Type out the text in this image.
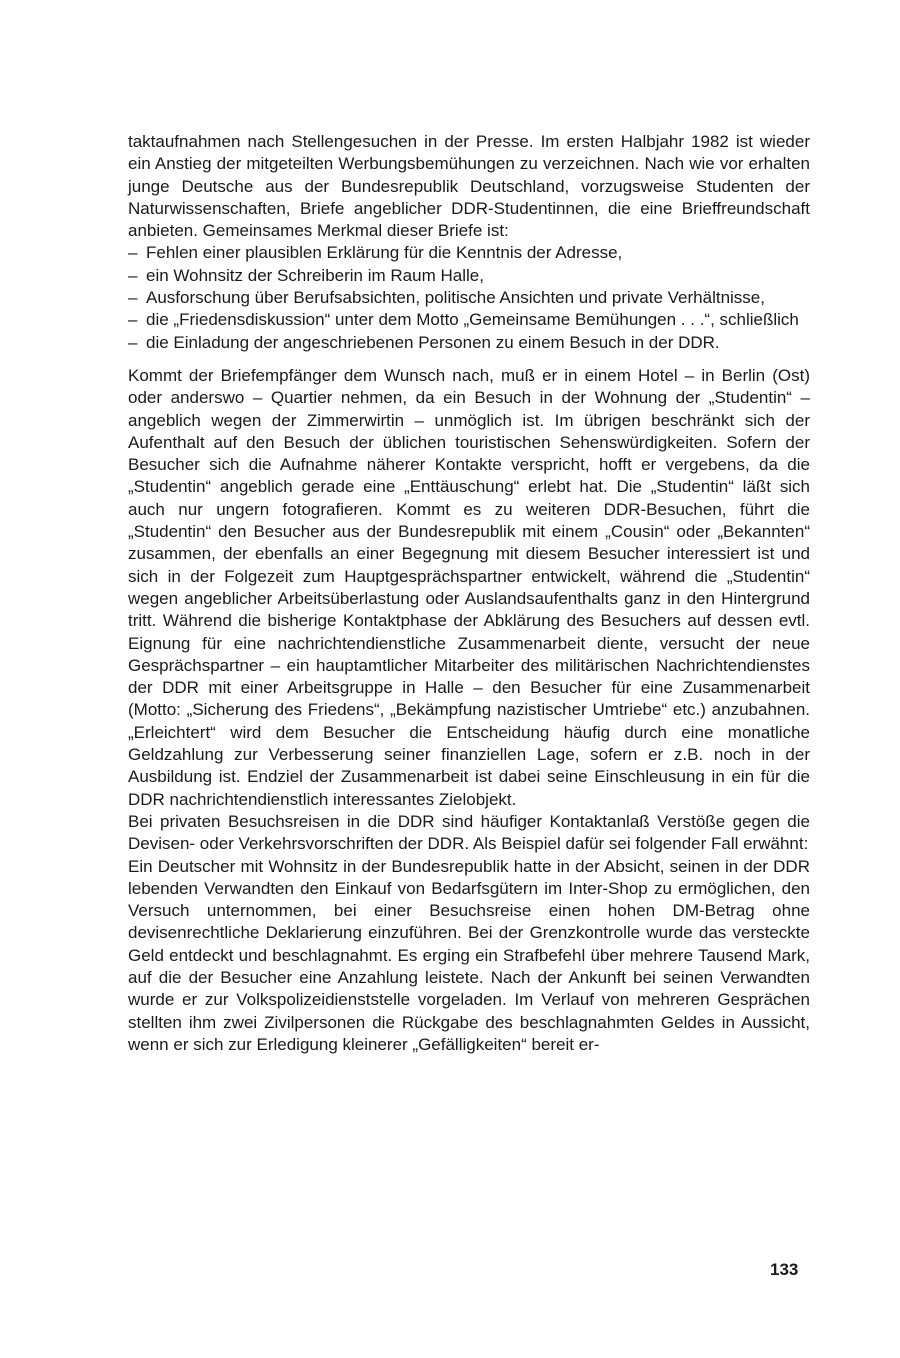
taktaufnahmen nach Stellengesuchen in der Presse. Im ersten Halbjahr 1982 ist wieder ein Anstieg der mitgeteilten Werbungsbemühungen zu verzeichnen. Nach wie vor erhalten junge Deutsche aus der Bundesrepublik Deutschland, vorzugsweise Studenten der Naturwissenschaften, Briefe angeblicher DDR-Studentinnen, die eine Brieffreundschaft anbieten. Gemeinsames Merkmal dieser Briefe ist:

– Fehlen einer plausiblen Erklärung für die Kenntnis der Adresse,
– ein Wohnsitz der Schreiberin im Raum Halle,
– Ausforschung über Berufsabsichten, politische Ansichten und private Verhältnisse,
– die „Friedensdiskussion“ unter dem Motto „Gemeinsame Bemühungen . . .“, schließlich
– die Einladung der angeschriebenen Personen zu einem Besuch in der DDR.

Kommt der Briefempfänger dem Wunsch nach, muß er in einem Hotel – in Berlin (Ost) oder anderswo – Quartier nehmen, da ein Besuch in der Wohnung der „Studentin“ – angeblich wegen der Zimmerwirtin – unmöglich ist. Im übrigen beschränkt sich der Aufenthalt auf den Besuch der üblichen touristischen Sehenswürdigkeiten. Sofern der Besucher sich die Aufnahme näherer Kontakte verspricht, hofft er vergebens, da die „Studentin“ angeblich gerade eine „Enttäuschung“ erlebt hat. Die „Studentin“ läßt sich auch nur ungern fotografieren. Kommt es zu weiteren DDR-Besuchen, führt die „Studentin“ den Besucher aus der Bundesrepublik mit einem „Cousin“ oder „Bekannten“ zusammen, der ebenfalls an einer Begegnung mit diesem Besucher interessiert ist und sich in der Folgezeit zum Hauptgesprächspartner entwickelt, während die „Studentin“ wegen angeblicher Arbeitsüberlastung oder Auslandsaufenthalts ganz in den Hintergrund tritt. Während die bisherige Kontaktphase der Abklärung des Besuchers auf dessen evtl. Eignung für eine nachrichtendienstliche Zusammenarbeit diente, versucht der neue Gesprächspartner – ein hauptamtlicher Mitarbeiter des militärischen Nachrichtendienstes der DDR mit einer Arbeitsgruppe in Halle – den Besucher für eine Zusammenarbeit (Motto: „Sicherung des Friedens“, „Bekämpfung nazistischer Umtriebe“ etc.) anzubahnen. „Erleichtert“ wird dem Besucher die Entscheidung häufig durch eine monatliche Geldzahlung zur Verbesserung seiner finanziellen Lage, sofern er z.B. noch in der Ausbildung ist. Endziel der Zusammenarbeit ist dabei seine Einschleusung in ein für die DDR nachrichtendienstlich interessantes Zielobjekt.

Bei privaten Besuchsreisen in die DDR sind häufiger Kontaktanlaß Verstöße gegen die Devisen- oder Verkehrsvorschriften der DDR. Als Beispiel dafür sei folgender Fall erwähnt:

Ein Deutscher mit Wohnsitz in der Bundesrepublik hatte in der Absicht, seinen in der DDR lebenden Verwandten den Einkauf von Bedarfsgütern im Inter-Shop zu ermöglichen, den Versuch unternommen, bei einer Besuchsreise einen hohen DM-Betrag ohne devisenrechtliche Deklarierung einzuführen. Bei der Grenzkontrolle wurde das versteckte Geld entdeckt und beschlagnahmt. Es erging ein Strafbefehl über mehrere Tausend Mark, auf die der Besucher eine Anzahlung leistete. Nach der Ankunft bei seinen Verwandten wurde er zur Volkspolizeidienststelle vorgeladen. Im Verlauf von mehreren Gesprächen stellten ihm zwei Zivilpersonen die Rückgabe des beschlagnahmten Geldes in Aussicht, wenn er sich zur Erledigung kleinerer „Gefälligkeiten“ bereit er-

133
